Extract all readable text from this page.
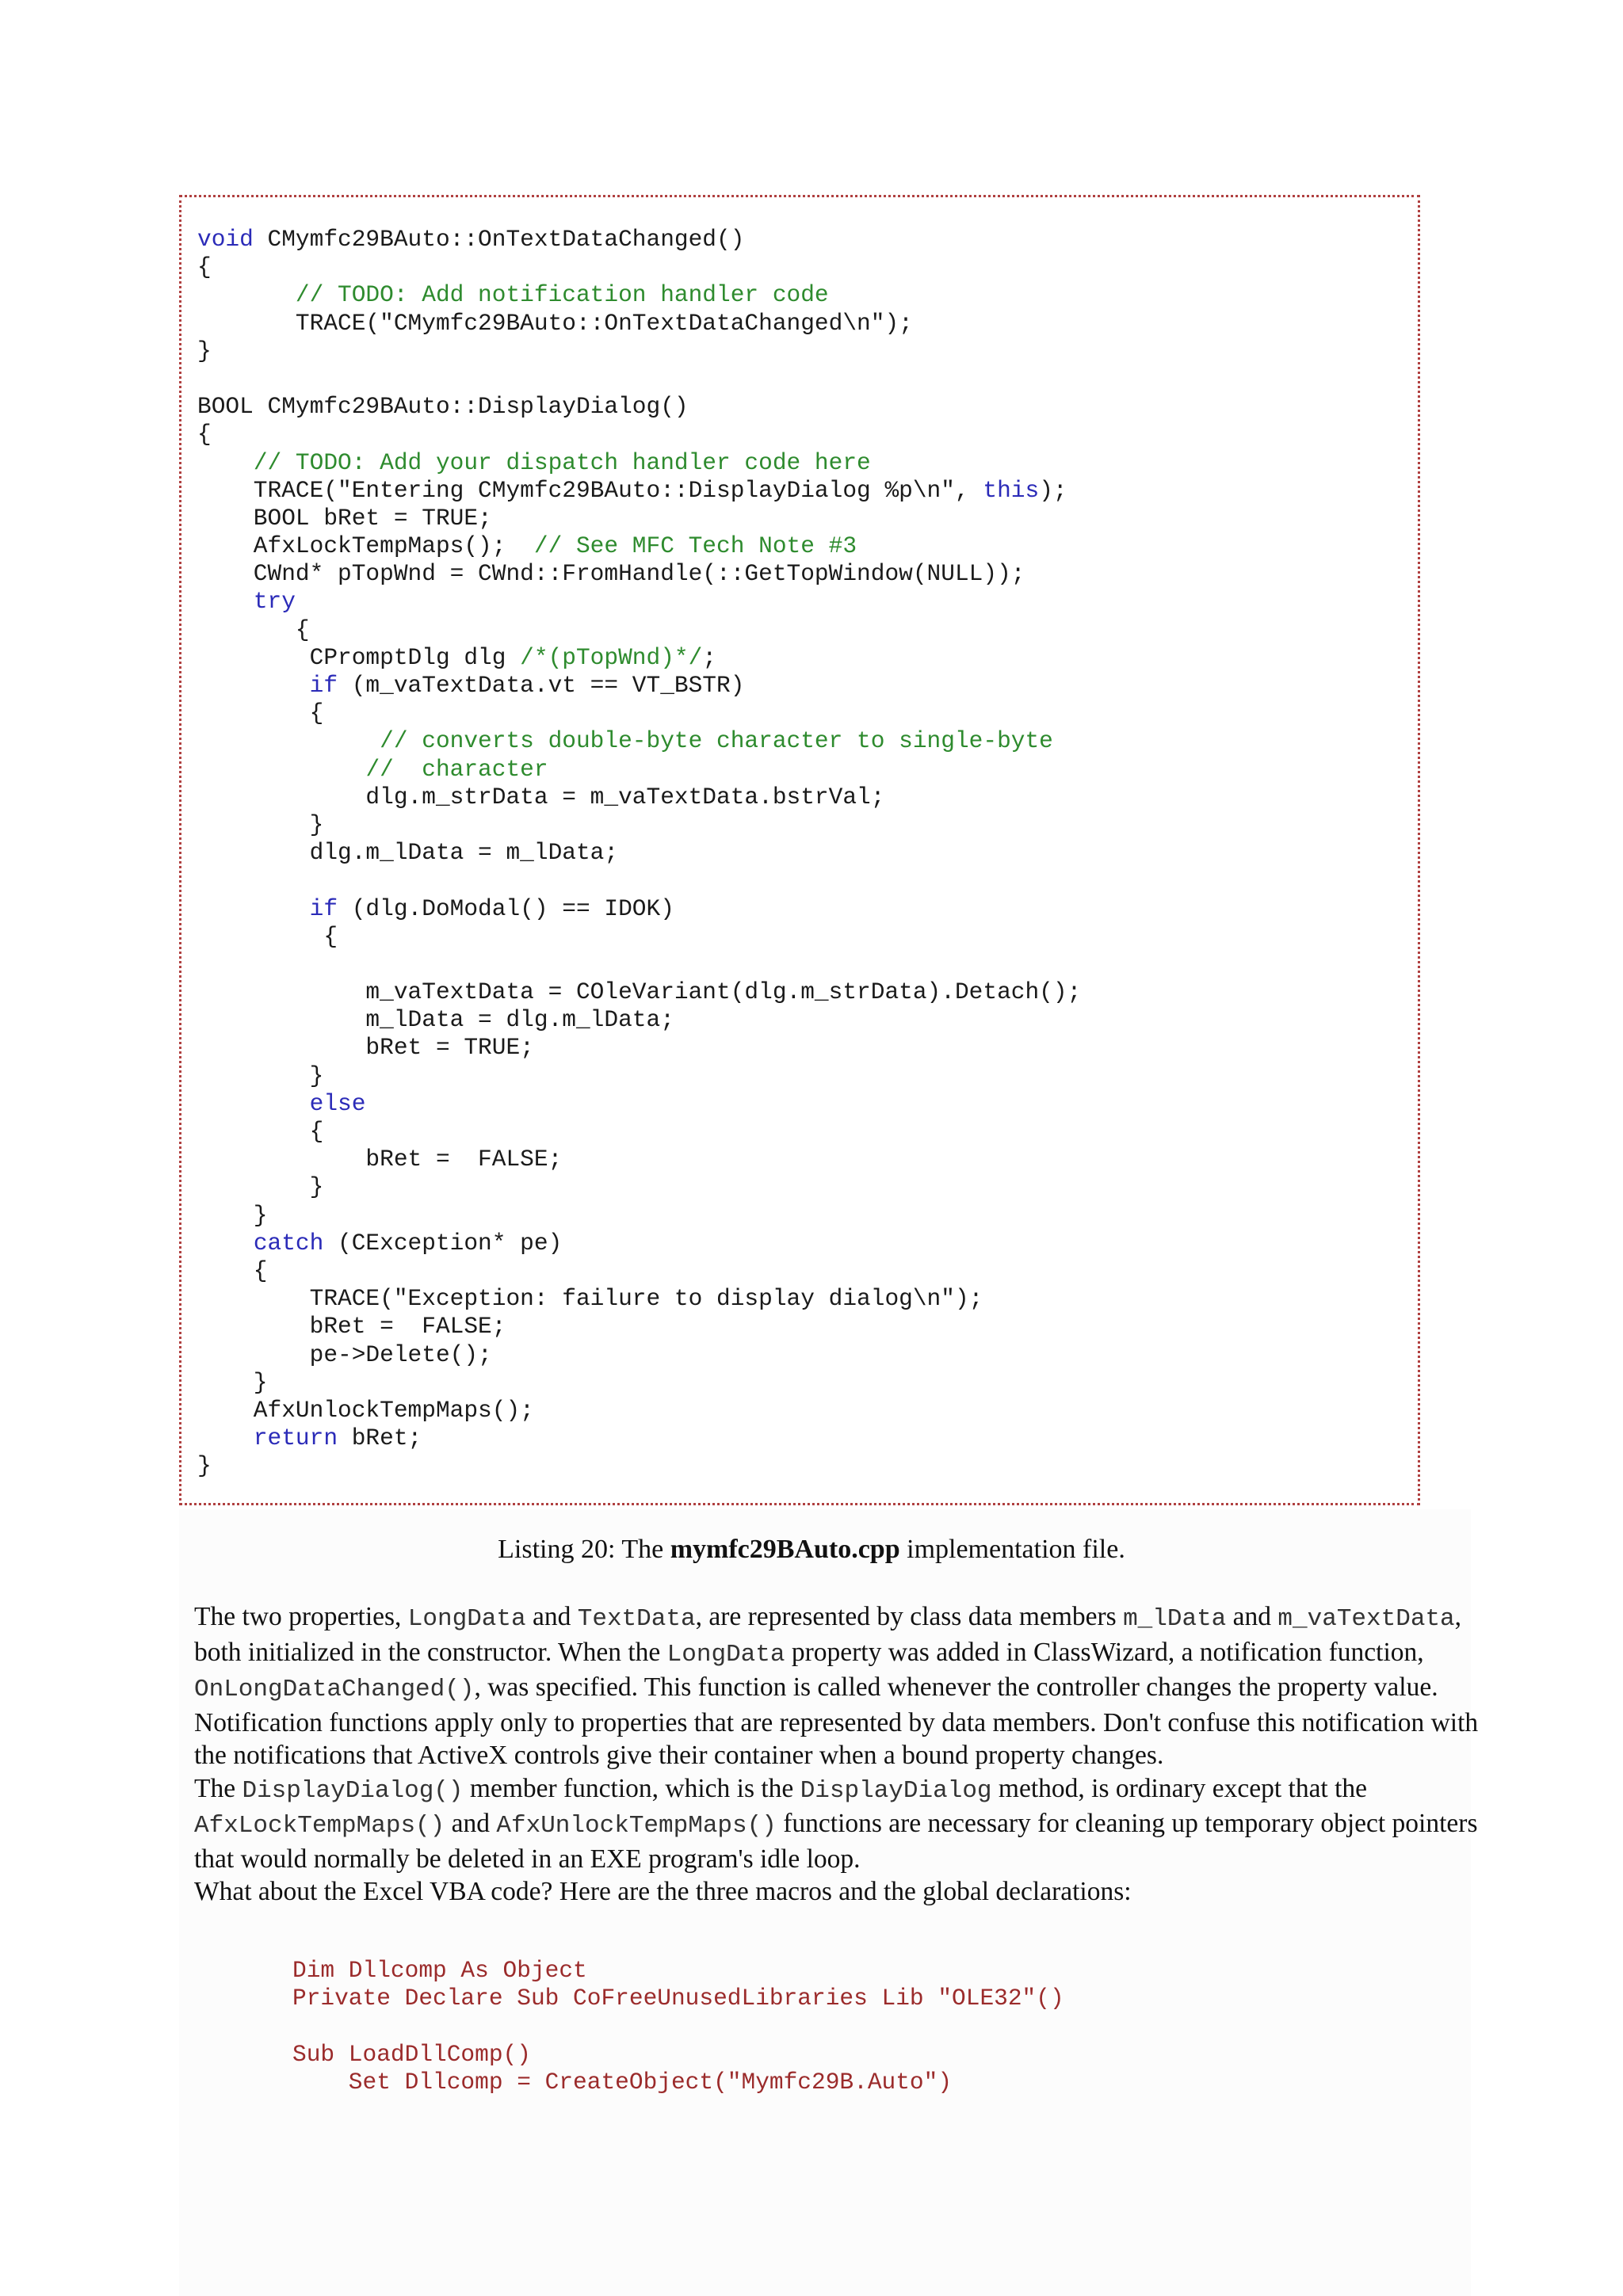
void CMymfc29BAuto::OnTextDataChanged()
{
// TODO: Add notification handler code
TRACE("CMymfc29BAuto::OnTextDataChanged\n");
}
BOOL CMymfc29BAuto::DisplayDialog()
{
// TODO: Add your dispatch handler code here
TRACE("Entering CMymfc29BAuto::DisplayDialog %p\n", this);
BOOL bRet = TRUE;
AfxLockTempMaps();  // See MFC Tech Note #3
CWnd* pTopWnd = CWnd::FromHandle(::GetTopWindow(NULL));
try
{
CPromptDlg dlg /*(pTopWnd)*/;
if (m_vaTextData.vt == VT_BSTR)
{
// converts double-byte character to single-byte
//  character
dlg.m_strData = m_vaTextData.bstrVal;
}
dlg.m_lData = m_lData;
if (dlg.DoModal() == IDOK)
{
m_vaTextData = COleVariant(dlg.m_strData).Detach();
m_lData = dlg.m_lData;
bRet = TRUE;
}
else
{
bRet =  FALSE;
}
}
catch (CException* pe)
{
TRACE("Exception: failure to display dialog\n");
bRet =  FALSE;
pe->Delete();
}
AfxUnlockTempMaps();
return bRet;
}
Listing 20: The mymfc29BAuto.cpp implementation file.

The two properties, LongData and TextData, are represented by class data members m_lData and m_vaTextData, both initialized in the constructor. When the LongData property was added in ClassWizard, a notification function, OnLongDataChanged(), was specified. This function is called whenever the controller changes the property value. Notification functions apply only to properties that are represented by data members. Don't confuse this notification with the notifications that ActiveX controls give their container when a bound property changes.

The DisplayDialog() member function, which is the DisplayDialog method, is ordinary except that the AfxLockTempMaps() and AfxUnlockTempMaps() functions are necessary for cleaning up temporary object pointers that would normally be deleted in an EXE program's idle loop.

What about the Excel VBA code? Here are the three macros and the global declarations:

Dim Dllcomp As Object
Private Declare Sub CoFreeUnusedLibraries Lib "OLE32"()
Sub LoadDllComp()
Set Dllcomp = CreateObject("Mymfc29B.Auto")
